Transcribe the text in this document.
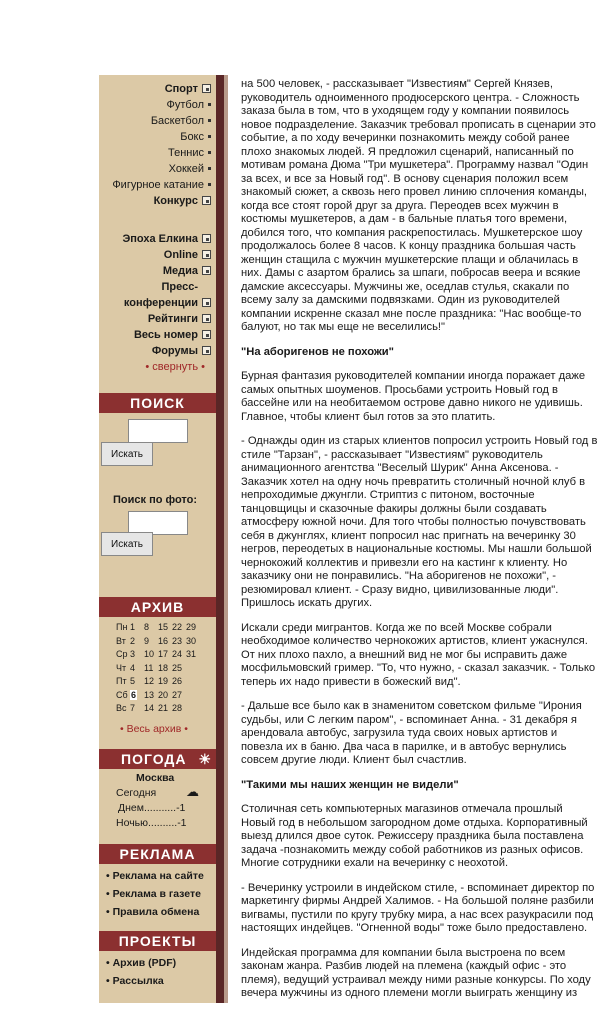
Спорт
Футбол
Баскетбол
Бокс
Теннис
Хоккей
Фигурное катание
Конкурс
Эпоха Елкина
Online
Медиа
Пресс-конференции
Рейтинги
Весь номер
Форумы
• свернуть •
ПОИСК
Искать
Поиск по фото:
Искать
АРХИВ
Пн 1 8 15 22 29
Вт 2 9 16 23 30
Ср 3 10 17 24 31
Чт 4 11 18 25
Пт 5 12 19 26
Сб 6 13 20 27
Вс 7 14 21 28
• Весь архив •
ПОГОДА ☀
Москва
Сегодня ☁
Днем...........-1
Ночью..........-1
РЕКЛАМА
• Реклама на сайте
• Реклама в газете
• Правила обмена
ПРОЕКТЫ
• Архив (PDF)
• Рассылка

на 500 человек, - рассказывает "Известиям" Сергей Князев, руководитель одноименного продюсерского центра. - Сложность заказа была в том, что в уходящем году у компании появилось новое подразделение. Заказчик требовал прописать в сценарии это событие, а по ходу вечеринки познакомить между собой ранее плохо знакомых людей. Я предложил сценарий, написанный по мотивам романа Дюма "Три мушкетера". Программу назвал "Один за всех, и все за Новый год". В основу сценария положил всем знакомый сюжет, а сквозь него провел линию сплочения команды, когда все стоят горой друг за друга. Переодев всех мужчин в костюмы мушкетеров, а дам - в бальные платья того времени, добился того, что компания раскрепостилась. Мушкетерское шоу продолжалось более 8 часов. К концу праздника большая часть женщин стащила с мужчин мушкетерские плащи и облачилась в них. Дамы с азартом брались за шпаги, побросав веера и всякие дамские аксессуары. Мужчины же, оседлав стулья, скакали по всему залу за дамскими подвязками. Один из руководителей компании искренне сказал мне после праздника: "Нас вообще-то балуют, но так мы еще не веселились!"

"На аборигенов не похожи"

Бурная фантазия руководителей компании иногда поражает даже самых опытных шоуменов. Просьбами устроить Новый год в бассейне или на необитаемом острове давно никого не удивишь. Главное, чтобы клиент был готов за это платить.

- Однажды один из старых клиентов попросил устроить Новый год в стиле "Тарзан", - рассказывает "Известиям" руководитель анимационного агентства "Веселый Шурик" Анна Аксенова. - Заказчик хотел на одну ночь превратить столичный ночной клуб в непроходимые джунгли. Стриптиз с питоном, восточные танцовщицы и сказочные факиры должны были создавать атмосферу южной ночи. Для того чтобы полностью почувствовать себя в джунглях, клиент попросил нас пригнать на вечеринку 30 негров, переодетых в национальные костюмы. Мы нашли большой чернокожий коллектив и привезли его на кастинг к клиенту. Но заказчику они не понравились. "На аборигенов не похожи", - резюмировал клиент. - Сразу видно, цивилизованные люди". Пришлось искать других.

Искали среди мигрантов. Когда же по всей Москве собрали необходимое количество чернокожих артистов, клиент ужаснулся. От них плохо пахло, а внешний вид не мог бы исправить даже мосфильмовский гример. "То, что нужно, - сказал заказчик. - Только теперь их надо привести в божеский вид".

- Дальше все было как в знаменитом советском фильме "Ирония судьбы, или С легким паром", - вспоминает Анна. - 31 декабря я арендовала автобус, загрузила туда своих новых артистов и повезла их в баню. Два часа в парилке, и в автобус вернулись совсем другие люди. Клиент был счастлив.

"Такими мы наших женщин не видели"

Столичная сеть компьютерных магазинов отмечала прошлый Новый год в небольшом загородном доме отдыха. Корпоративный выезд длился двое суток. Режиссеру праздника была поставлена задача -познакомить между собой работников из разных офисов. Многие сотрудники ехали на вечеринку с неохотой.

- Вечеринку устроили в индейском стиле, - вспоминает директор по маркетингу фирмы Андрей Халимов. - На большой поляне разбили вигвамы, пустили по кругу трубку мира, а нас всех разукрасили под настоящих индейцев. "Огненной воды" тоже было предоставлено.

Индейская программа для компании была выстроена по всем законам жанра. Разбив людей на племена (каждый офис - это племя), ведущий устраивал между ними разные конкурсы. По ходу вечера мужчины из одного племени могли выиграть женщину из
